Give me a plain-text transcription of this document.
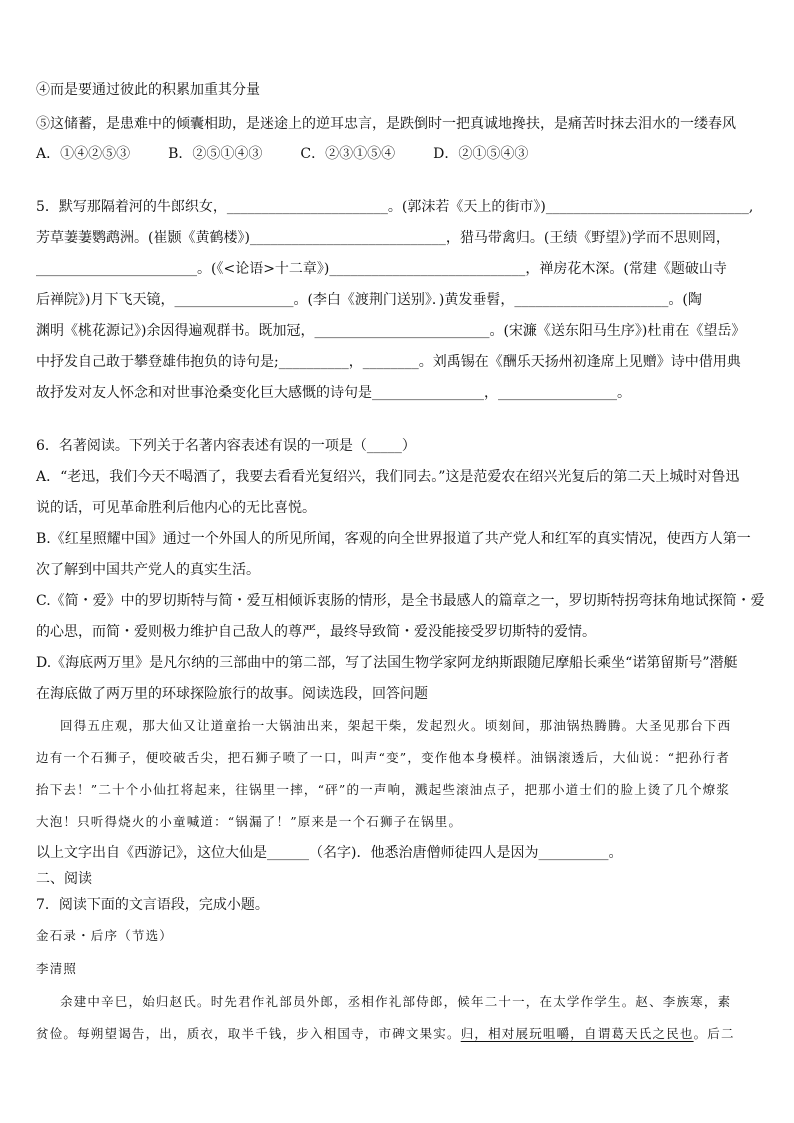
④而是要通过彼此的积累加重其分量
⑤这储蓄，是患难中的倾囊相助，是迷途上的逆耳忠言，是跌倒时一把真诚地搀扶，是痛苦时抹去泪水的一缕春风
A．①④②⑤③	B．②⑤①④③	C．②③①⑤④	D．②①⑤④③
5．默写那隔着河的牛郎织女，_______________________。(郭沫若《天上的街市》)_____________________________,
芳草萋萋鹦鹉洲。(崔颢《黄鹤楼》)____________________________，猎马带禽归。(王绩《野望》)学而不思则罔，
_______________________。(《<论语>十二章》)____________________________，禅房花木深。(常建《题破山寺
后禅院》)月下飞天镜，_________________。(李白《渡荆门送别》．)黄发垂髫，______________________。(陶
渊明《桃花源记》)余因得遍观群书。既加冠，_________________________。(宋濂《送东阳马生序》)杜甫在《望岳》
中抒发自己敢于攀登雄伟抱负的诗句是;__________，________。刘禹锡在《酬乐天扬州初逢席上见赠》诗中借用典
故抒发对友人怀念和对世事沧桑变化巨大感慨的诗句是________________，_________________。
6．名著阅读。下列关于名著内容表述有误的一项是（_____）
A．“老迅，我们今天不喝酒了，我要去看看光复绍兴，我们同去。”这是范爱农在绍兴光复后的第二天上城时对鲁迅
说的话，可见革命胜利后他内心的无比喜悦。
B.《红星照耀中国》通过一个外国人的所见所闻，客观的向全世界报道了共产党人和红军的真实情况，使西方人第一
次了解到中国共产党人的真实生活。
C.《简・爱》中的罗切斯特与简・爱互相倾诉衷肠的情形，是全书最感人的篇章之一，罗切斯特拐弯抹角地试探简・爱
的心思，而简・爱则极力维护自己敌人的尊严，最终导致简・爱没能接受罗切斯特的爱情。
D.《海底两万里》是凡尔纳的三部曲中的第二部，写了法国生物学家阿龙纳斯跟随尼摩船长乘坐“诺第留斯号”潜艇
在海底做了两万里的环球探险旅行的故事。阅读选段，回答问题
回得五庄观，那大仙又让道童抬一大锅油出来，架起干柴，发起烈火。顷刻间，那油锅热腾腾。大圣见那台下西
边有一个石狮子，便咬破舌尖，把石狮子喷了一口，叫声“变”，变作他本身模样。油锅滚透后，大仙说：“把孙行者
抬下去！”二十个小仙扛将起来，往锅里一摔，“砰”的一声响，溅起些滚油点子，把那小道士们的脸上烫了几个燎浆
大泡！只听得烧火的小童喊道：“锅漏了！”原来是一个石狮子在锅里。
以上文字出自《西游记》，这位大仙是______（名字)．他悉治唐僧师徒四人是因为__________。
二、阅读
7．阅读下面的文言语段，完成小题。
金石录・后序（节选）
李清照
余建中辛巳，始归赵氏。时先君作礼部员外郎，丞相作礼部侍郎，候年二十一，在太学作学生。赵、李族寒，素
贫俭。每朔望谒告，出，质衣，取半千钱，步入相国寺，市碑文果实。归，相对展玩咀嚼，自谓葛天氏之民也。后二
